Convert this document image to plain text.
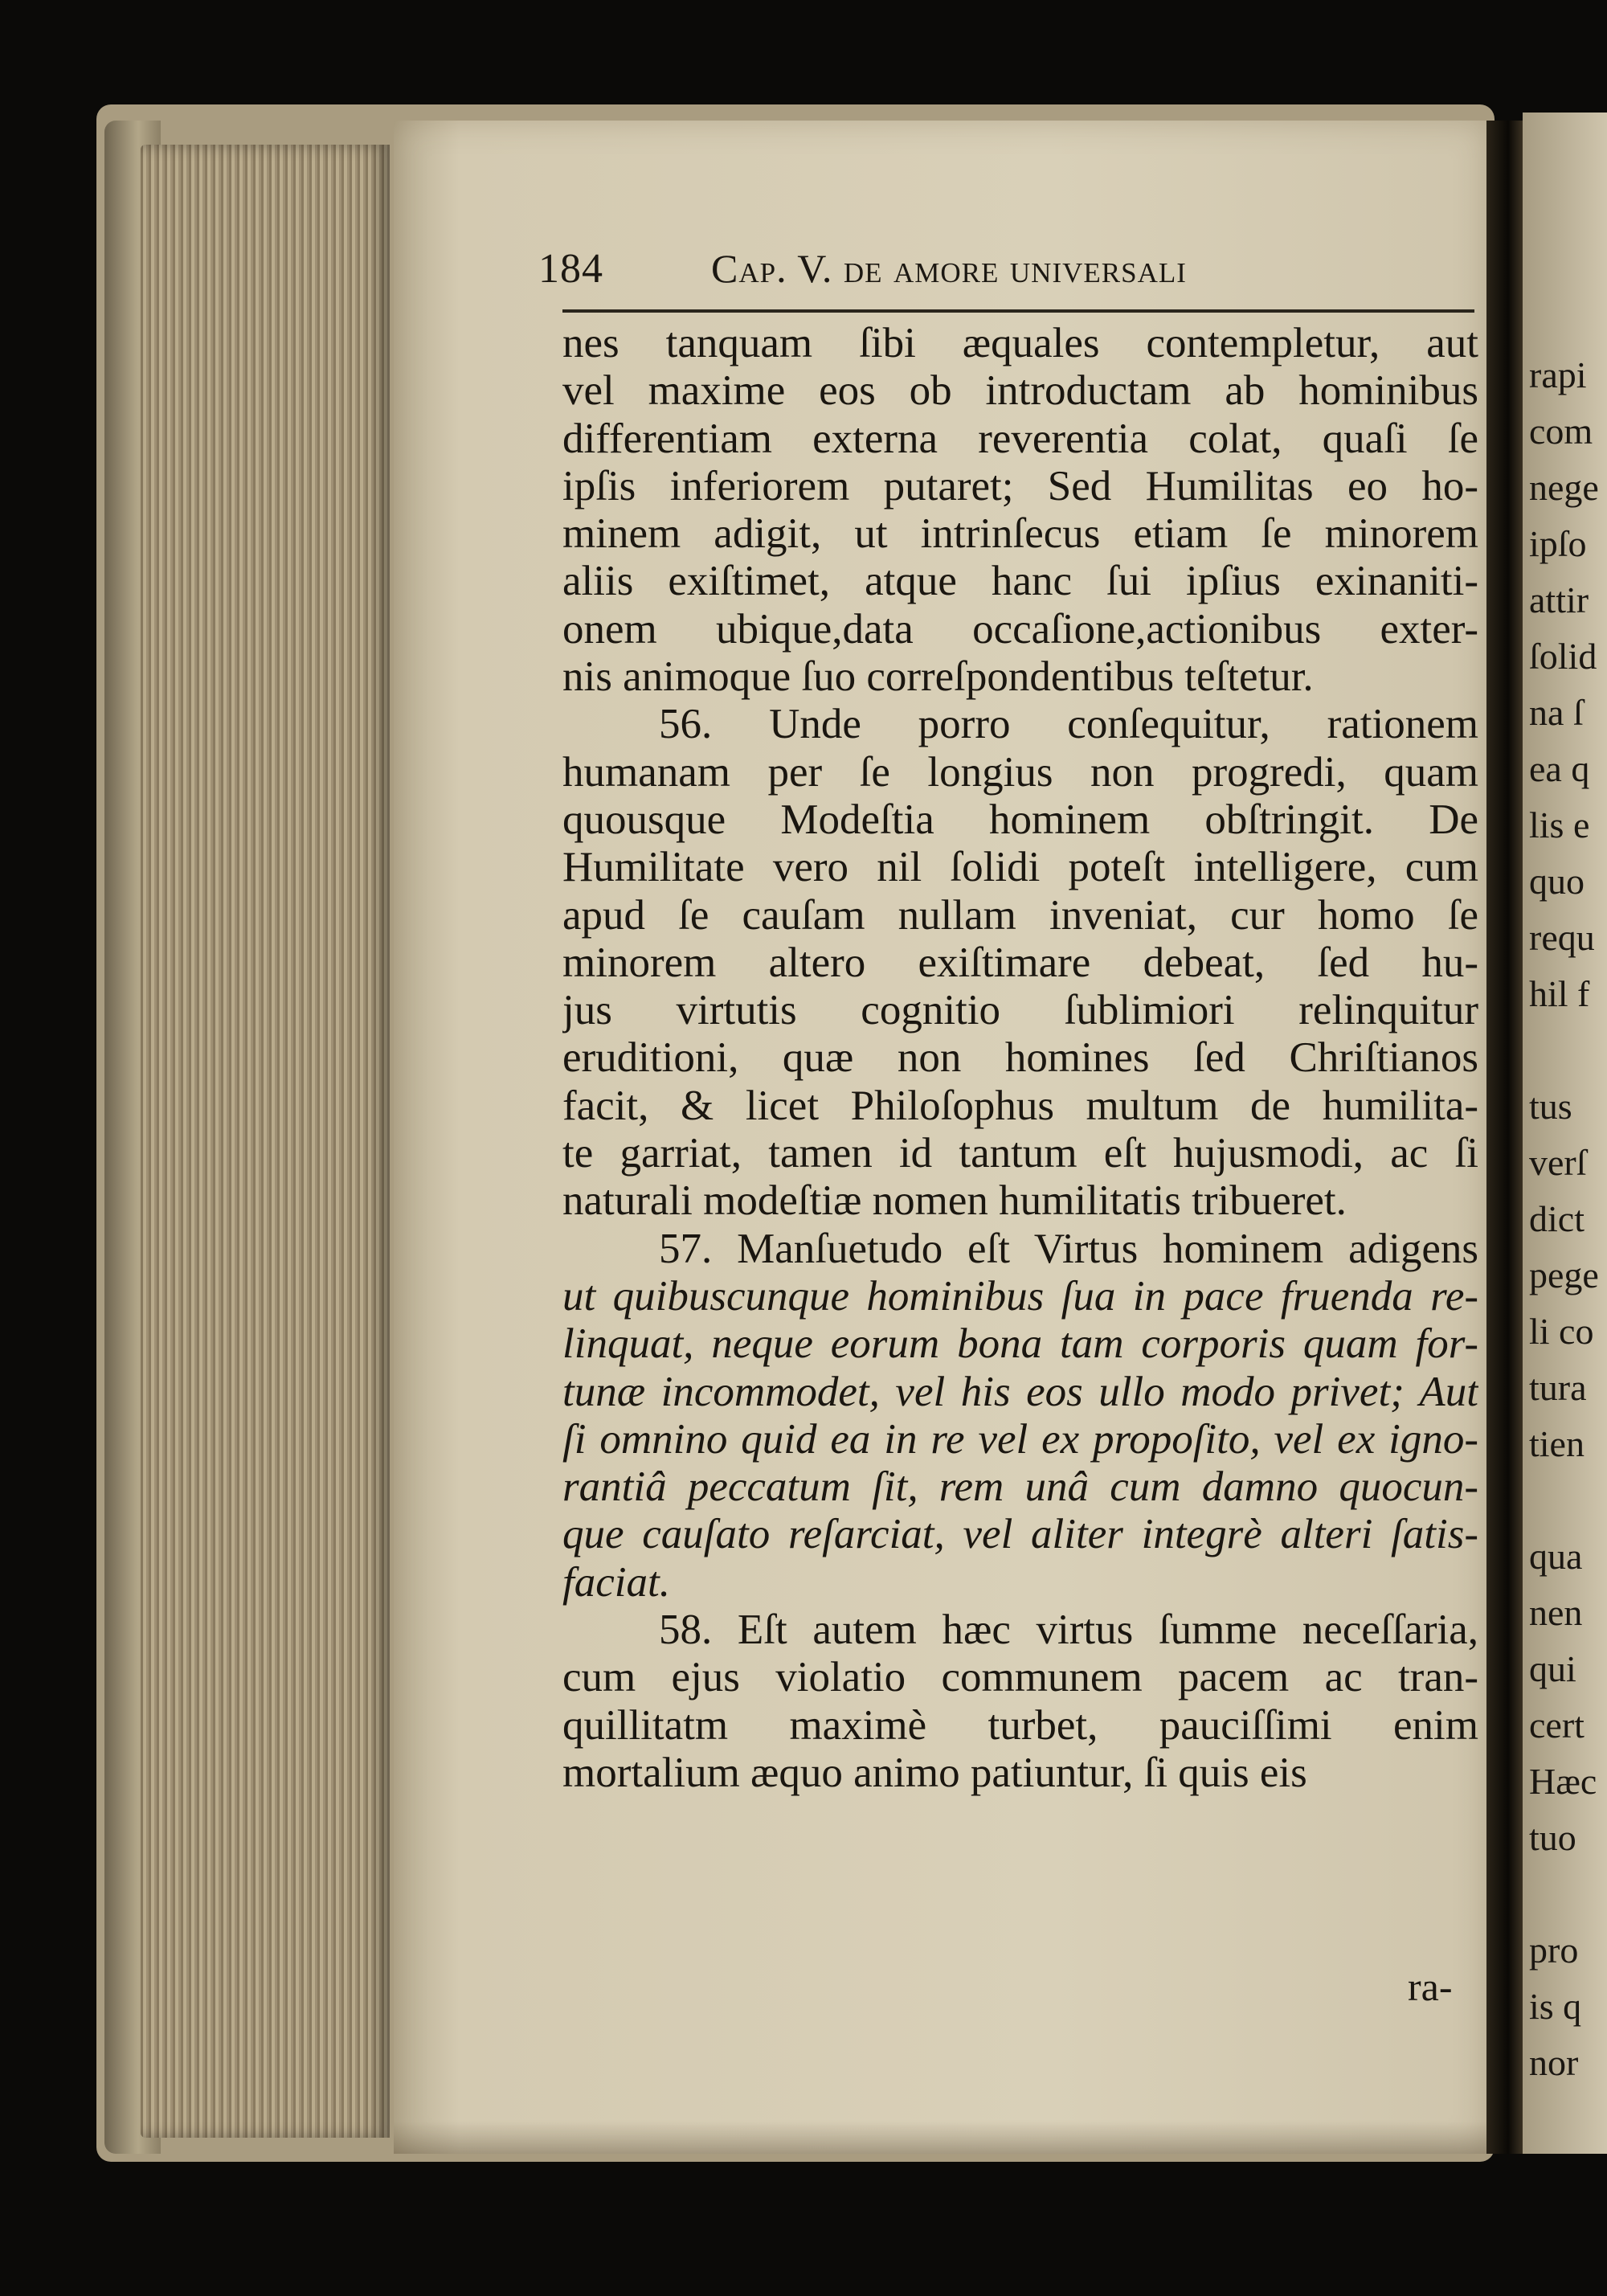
184	Cap. V. de amore universali
nes tanquam ſibi æquales contempletur, aut
vel maxime eos ob introductam ab hominibus
differentiam externa reverentia colat, quaſi ſe
ipſis inferiorem putaret; Sed Humilitas eo ho-
minem adigit, ut intrinſecus etiam ſe minorem
aliis exiſtimet, atque hanc ſui ipſius exinaniti-
onem ubique,data occaſione,actionibus exter-
nis animoque ſuo correſpondentibus teſtetur.
56. Unde porro conſequitur, rationem
humanam per ſe longius non progredi, quam
quousque Modeſtia hominem obſtringit. De
Humilitate vero nil ſolidi poteſt intelligere, cum
apud ſe cauſam nullam inveniat, cur homo ſe
minorem altero exiſtimare debeat, ſed hu-
jus virtutis cognitio ſublimiori relinquitur
eruditioni, quæ non homines ſed Chriſtianos
facit, & licet Philoſophus multum de humilita-
te garriat, tamen id tantum eſt hujusmodi, ac ſi
naturali modeſtiæ nomen humilitatis tribueret.
57. Manſuetudo eſt Virtus hominem adigens
ut quibuscunque hominibus ſua in pace fruenda re-
linquat, neque eorum bona tam corporis quam for-
tunæ incommodet, vel his eos ullo modo privet; Aut
ſi omnino quid ea in re vel ex propoſito, vel ex igno-
rantiâ peccatum ſit, rem unâ cum damno quocun-
que cauſato reſarciat, vel aliter integrè alteri ſatis-
faciat.
58. Eſt autem hæc virtus ſumme neceſſaria,
cum ejus violatio communem pacem ac tran-
quillitatm maximè turbet, pauciſſimi enim
mortalium æquo animo patiuntur, ſi quis eis
ra-
rapi
com
nege
ipſo
attir
ſolid
na ſ
ea q
lis e
quo
requ
hil f
tus
verſ
dict
pege
li co
tura
tien
qua
nen
qui
cert
Hæc
tuo
pro
is q
nor
